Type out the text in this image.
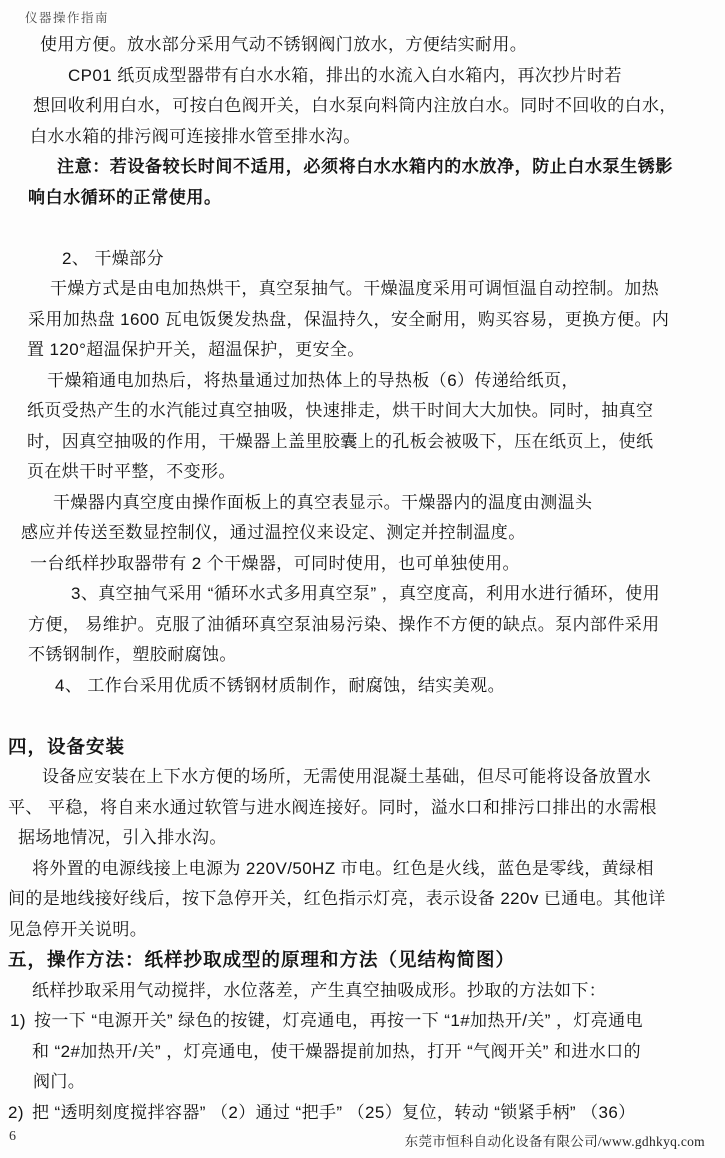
仪器操作指南
使用方便。放水部分采用气动不锈钢阀门放水，方便结实耐用。
CP01 纸页成型器带有白水水箱，排出的水流入白水箱内，再次抄片时若
想回收利用白水，可按白色阀开关，白水泵向料筒内注放白水。同时不回收的白水，
白水水箱的排污阀可连接排水管至排水沟。
注意：若设备较长时间不适用，必须将白水水箱内的水放净，防止白水泵生锈影
响白水循环的正常使用。
2、 干燥部分
干燥方式是由电加热烘干，真空泵抽气。干燥温度采用可调恒温自动控制。加热
采用加热盘 1600 瓦电饭煲发热盘，保温持久，安全耐用，购买容易，更换方便。内
置 120°超温保护开关，超温保护，更安全。
干燥箱通电加热后，将热量通过加热体上的导热板（6）传递给纸页，
纸页受热产生的水汽能过真空抽吸，快速排走，烘干时间大大加快。同时，抽真空
时，因真空抽吸的作用，干燥器上盖里胶囊上的孔板会被吸下，压在纸页上，使纸
页在烘干时平整，不变形。
干燥器内真空度由操作面板上的真空表显示。干燥器内的温度由测温头
感应并传送至数显控制仪，通过温控仪来设定、测定并控制温度。
一台纸样抄取器带有 2 个干燥器，可同时使用，也可单独使用。
3、真空抽气采用 “循环水式多用真空泵” ，真空度高，利用水进行循环，使用
方便， 易维护。克服了油循环真空泵油易污染、操作不方便的缺点。泵内部件采用
不锈钢制作，塑胶耐腐蚀。
4、 工作台采用优质不锈钢材质制作，耐腐蚀，结实美观。
四，设备安装
设备应安装在上下水方便的场所，无需使用混凝土基础，但尽可能将设备放置水
平、 平稳，将自来水通过软管与进水阀连接好。同时，溢水口和排污口排出的水需根
据场地情况，引入排水沟。
将外置的电源线接上电源为 220V/50HZ 市电。红色是火线，蓝色是零线，黄绿相
间的是地线接好线后，按下急停开关，红色指示灯亮，表示设备 220v 已通电。其他详
见急停开关说明。
五，操作方法：纸样抄取成型的原理和方法（见结构简图）
纸样抄取采用气动搅拌，水位落差，产生真空抽吸成形。抄取的方法如下：
1) 按一下 “电源开关” 绿色的按键，灯亮通电，再按一下 “1#加热开/关” ，灯亮通电
和 “2#加热开/关” ，灯亮通电，使干燥器提前加热，打开 “气阀开关” 和进水口的
阀门。
2) 把 “透明刻度搅拌容器” （2）通过 “把手” （25）复位，转动 “锁紧手柄” （36）
6	东莞市恒科自动化设备有限公司/www.gdhkyq.com
